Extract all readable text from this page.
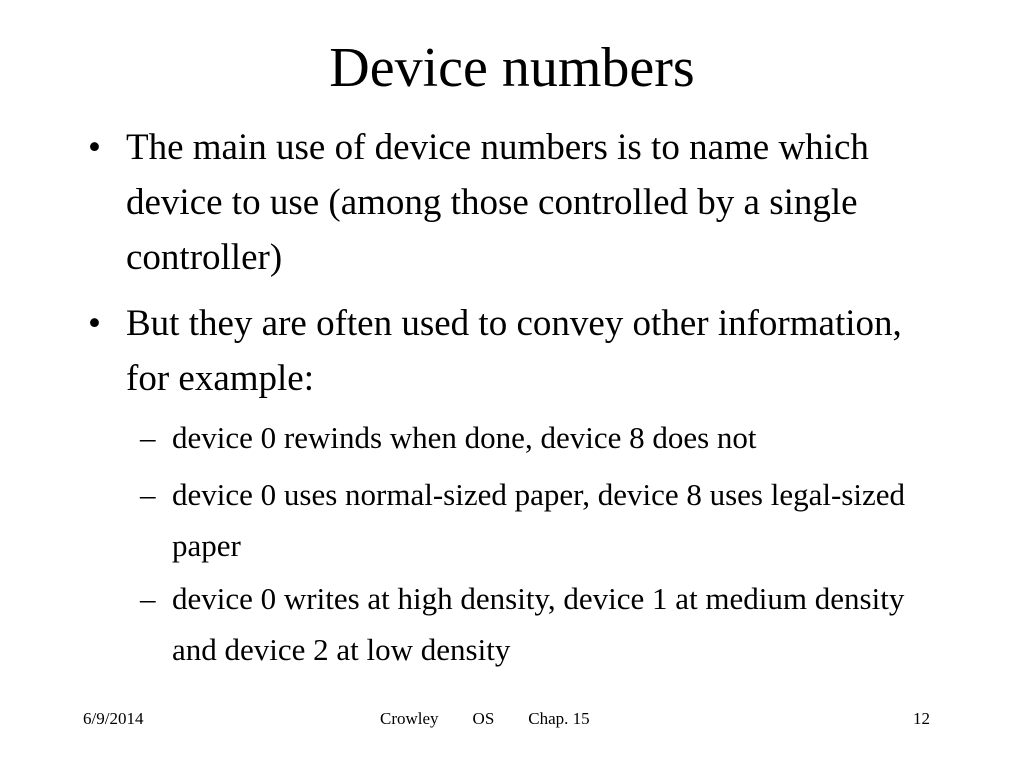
Device numbers

• The main use of device numbers is to name which device to use (among those controlled by a single controller)

• But they are often used to convey other information, for example:

– device 0 rewinds when done, device 8 does not

– device 0 uses normal-sized paper, device 8 uses legal-sized paper

– device 0 writes at high density, device 1 at medium density and device 2 at low density

6/9/2014	Crowley        OS        Chap. 15	12
